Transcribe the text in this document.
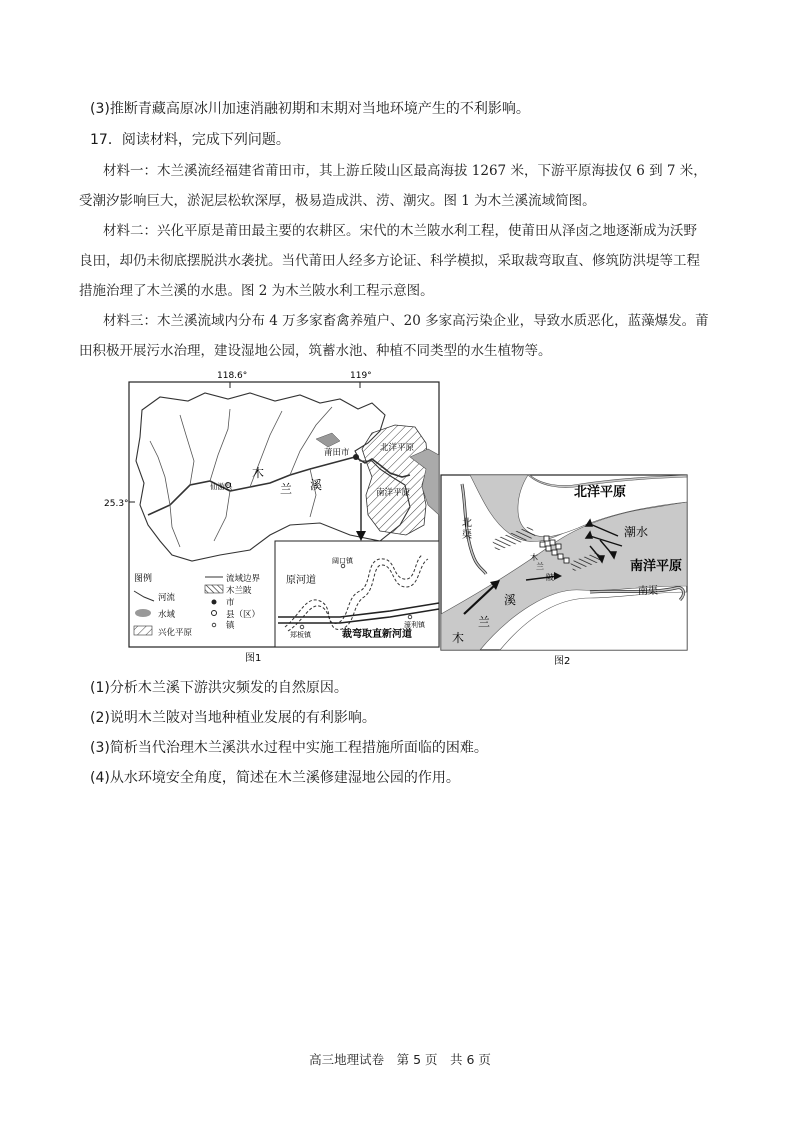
(3)推断青藏高原冰川加速消融初期和末期对当地环境产生的不利影响。
17．阅读材料，完成下列问题。
材料一：木兰溪流经福建省莆田市，其上游丘陵山区最高海拔 1267 米，下游平原海拔仅 6 到 7 米，
受潮汐影响巨大，淤泥层松软深厚，极易造成洪、涝、潮灾。图 1 为木兰溪流域简图。
材料二：兴化平原是莆田最主要的农耕区。宋代的木兰陂水利工程，使莆田从泽卤之地逐渐成为沃野
良田，却仍未彻底摆脱洪水袭扰。当代莆田人经多方论证、科学模拟，采取裁弯取直、修筑防洪堤等工程
措施治理了木兰溪的水患。图 2 为木兰陂水利工程示意图。
材料三：木兰溪流域内分布 4 万多家畜禽养殖户、20 多家高污染企业，导致水质恶化，蓝藻爆发。莆
田积极开展污水治理，建设湿地公园，筑蓄水池、种植不同类型的水生植物等。
118.6°	119°
25.3°
莆田市
仙游县
木
兰 溪
北洋平原
南洋平原
图例
河流
水域
兴化平原
流域边界
木兰陂
市
县（区）
镇
阔口镇
郑板镇
濠利镇
原河道
裁弯取直新河道
图1
北洋平原
南洋平原
北
渠
南渠
潮水
木
兰
陂
木
兰
溪
图2
(1)分析木兰溪下游洪灾频发的自然原因。
(2)说明木兰陂对当地种植业发展的有利影响。
(3)简析当代治理木兰溪洪水过程中实施工程措施所面临的困难。
(4)从水环境安全角度，简述在木兰溪修建湿地公园的作用。
高三地理试卷　第 5 页　共 6 页
